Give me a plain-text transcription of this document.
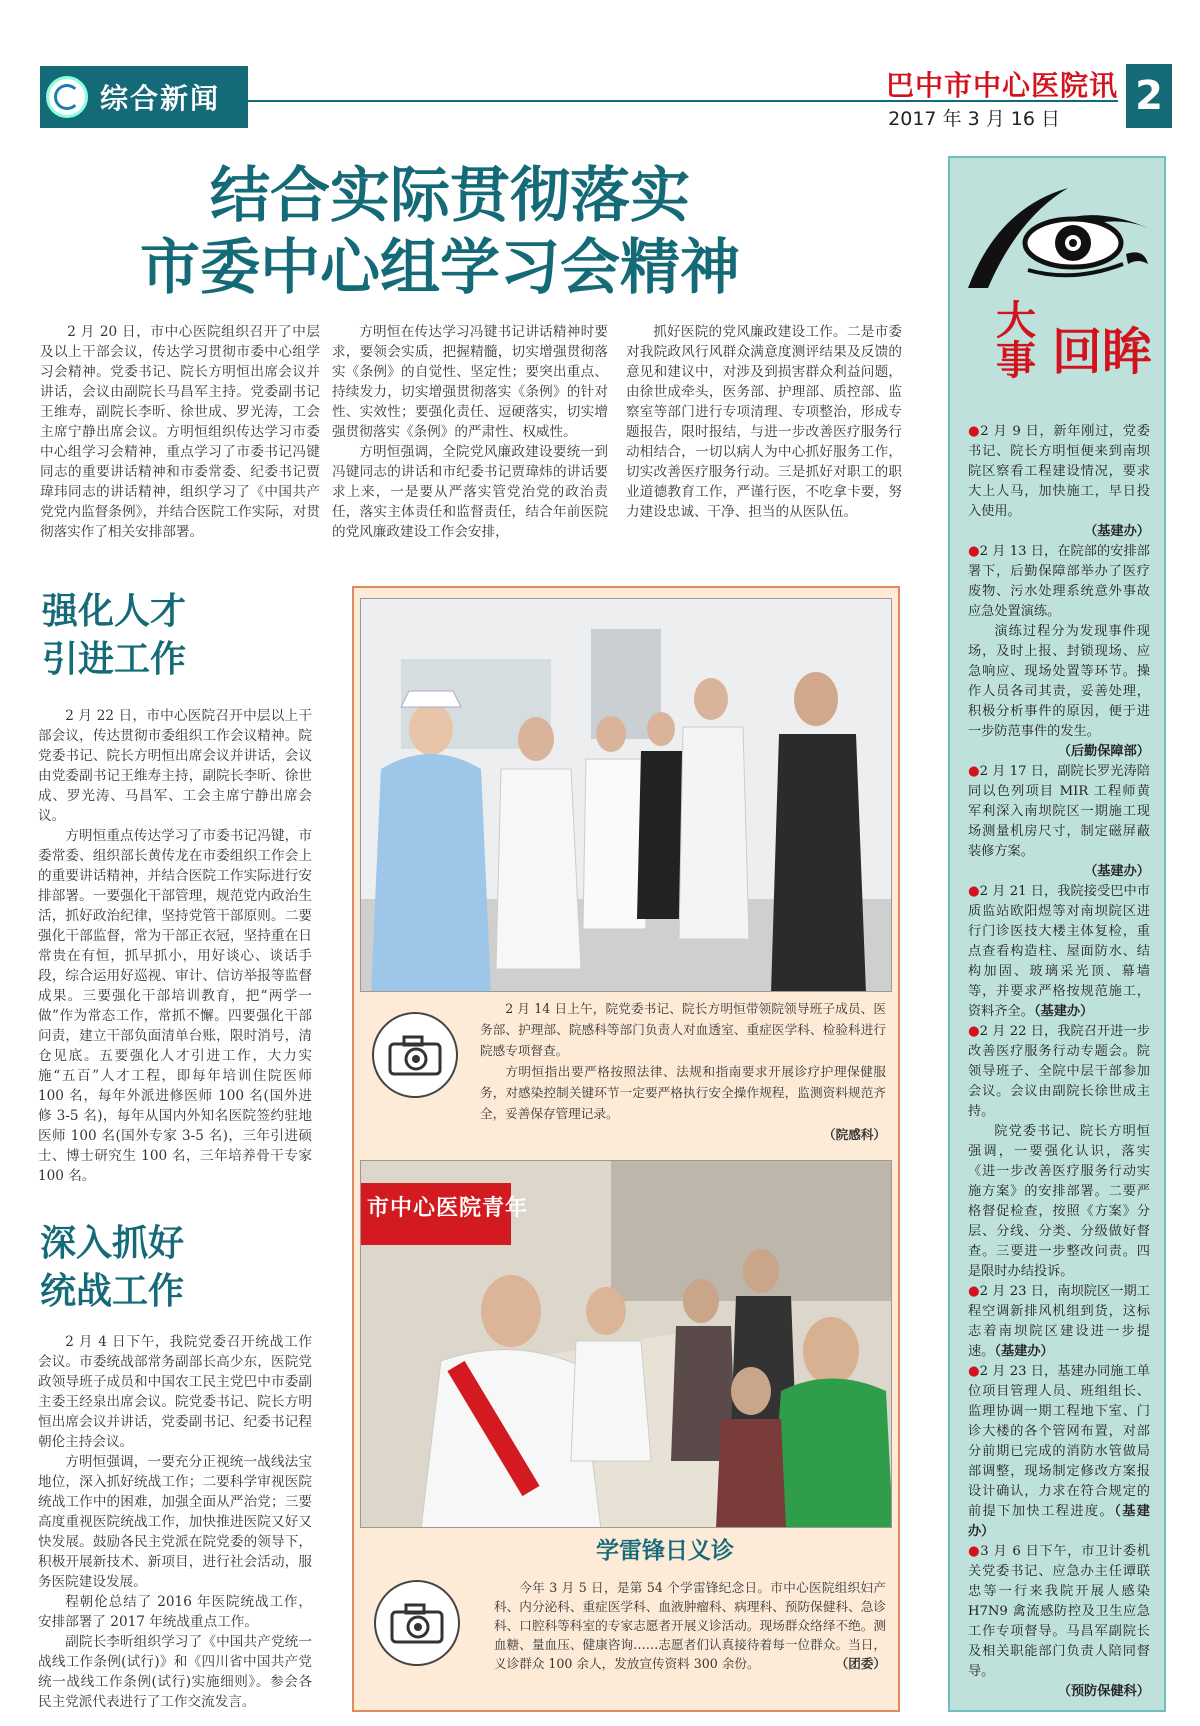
综合新闻	巴中市中心医院讯
2017 年 3 月 16 日 2
结合实际贯彻落实
市委中心组学习会精神

2 月 20 日，市中心医院组织召开了中层及以上干部会议，传达学习贯彻市委中心组学习会精神。党委书记、院长方明恒出席会议并讲话，会议由副院长马昌军主持。党委副书记王维寿，副院长李昕、徐世成、罗光涛，工会主席宁静出席会议。方明恒组织传达学习市委中心组学习会精神，重点学习了市委书记冯键同志的重要讲话精神和市委常委、纪委书记贾瑋玮同志的讲话精神，组织学习了《中国共产党党内监督条例》，并结合医院工作实际，对贯彻落实作了相关安排部署。

方明恒在传达学习冯键书记讲话精神时要求，要领会实质，把握精髓，切实增强贯彻落实《条例》的自觉性、坚定性；要突出重点、持续发力，切实增强贯彻落实《条例》的针对性、实效性；要强化责任、逗硬落实，切实增强贯彻落实《条例》的严肃性、权威性。

方明恒强调，全院党风廉政建设要统一到冯键同志的讲话和市纪委书记贾瑋炜的讲话要求上来，一是要从严落实管党治党的政治责任，落实主体责任和监督责任，结合年前医院的党风廉政建设工作会安排，

抓好医院的党风廉政建设工作。二是市委对我院政风行风群众满意度测评结果及反馈的意见和建议中，对涉及到损害群众利益问题，由徐世成牵头，医务部、护理部、质控部、监察室等部门进行专项清理、专项整治，形成专题报告，限时报结，与进一步改善医疗服务行动相结合，一切以病人为中心抓好服务工作，切实改善医疗服务行动。三是抓好对职工的职业道德教育工作，严谨行医，不吃拿卡要，努力建设忠诚、干净、担当的从医队伍。

强化人才
引进工作

2 月 22 日，市中心医院召开中层以上干部会议，传达贯彻市委组织工作会议精神。院党委书记、院长方明恒出席会议并讲话，会议由党委副书记王维寿主持，副院长李昕、徐世成、罗光涛、马昌军、工会主席宁静出席会议。

方明恒重点传达学习了市委书记冯键，市委常委、组织部长黄传龙在市委组织工作会上的重要讲话精神，并结合医院工作实际进行安排部署。一要强化干部管理，规范党内政治生活，抓好政治纪律，坚持党管干部原则。二要强化干部监督，常为干部正衣冠，坚持重在日常贵在有恒，抓早抓小，用好谈心、谈话手段，综合运用好巡视、审计、信访举报等监督成果。三要强化干部培训教育，把“两学一做”作为常态工作，常抓不懈。四要强化干部问责，建立干部负面清单台账，限时消号，清仓见底。五要强化人才引进工作，大力实施“五百”人才工程，即每年培训住院医师 100 名，每年外派进修医师 100 名(国外进修 3-5 名)，每年从国内外知名医院签约驻地医师 100 名(国外专家 3-5 名)，三年引进硕士、博士研究生 100 名，三年培养骨干专家 100 名。

深入抓好
统战工作

2 月 4 日下午，我院党委召开统战工作会议。市委统战部常务副部长高少东，医院党政领导班子成员和中国农工民主党巴中市委副主委王经泉出席会议。院党委书记、院长方明恒出席会议并讲话，党委副书记、纪委书记程朝伦主持会议。

方明恒强调，一要充分正视统一战线法宝地位，深入抓好统战工作；二要科学审视医院统战工作中的困难，加强全面从严治党；三要高度重视医院统战工作，加快推进医院又好又快发展。鼓励各民主党派在院党委的领导下，积极开展新技术、新项目，进行社会活动，服务医院建设发展。

程朝伦总结了 2016 年医院统战工作，安排部署了 2017 年统战重点工作。

副院长李昕组织学习了《中国共产党统一战线工作条例(试行)》和《四川省中国共产党统一战线工作条例(试行)实施细则》。参会各民主党派代表进行了工作交流发言。

2 月 14 日上午，院党委书记、院长方明恒带领院领导班子成员、医务部、护理部、院感科等部门负责人对血透室、重症医学科、检验科进行院感专项督查。

方明恒指出要严格按照法律、法规和指南要求开展诊疗护理保健服务，对感染控制关键环节一定要严格执行安全操作规程，监测资料规范齐全，妥善保存管理记录。

（院感科）
市中心医院青年
学雷锋日义诊

今年 3 月 5 日，是第 54 个学雷锋纪念日。市中心医院组织妇产科、内分泌科、重症医学科、血液肿瘤科、病理科、预防保健科、急诊科、口腔科等科室的专家志愿者开展义诊活动。现场群众络绎不绝。测血糖、量血压、健康咨询……志愿者们认真接待着每一位群众。当日，义诊群众 100 余人，发放宣传资料 300 余份。	（团委）
大
事 回眸
●2 月 9 日，新年刚过，党委书记、院长方明恒便来到南坝院区察看工程建设情况，要求大上人马，加快施工，早日投入使用。
（基建办）
●2 月 13 日，在院部的安排部署下，后勤保障部举办了医疗废物、污水处理系统意外事故应急处置演练。
演练过程分为发现事件现场，及时上报、封锁现场、应急响应、现场处置等环节。操作人员各司其责，妥善处理，积极分析事件的原因，便于进一步防范事件的发生。
（后勤保障部）
●2 月 17 日，副院长罗光涛陪同以色列项目 MIR 工程师黄军利深入南坝院区一期施工现场测量机房尺寸，制定磁屏蔽装修方案。
（基建办）
●2 月 21 日，我院接受巴中市质监站欧阳煜等对南坝院区进行门诊医技大楼主体复检，重点查看构造柱、屋面防水、结构加固、玻璃采光顶、幕墙等，并要求严格按规范施工，资料齐全。（基建办）
●2 月 22 日，我院召开进一步改善医疗服务行动专题会。院领导班子、全院中层干部参加会议。会议由副院长徐世成主持。
院党委书记、院长方明恒强调，一要强化认识，落实《进一步改善医疗服务行动实施方案》的安排部署。二要严格督促检查，按照《方案》分层、分线、分类、分级做好督查。三要进一步整改问责。四是限时办结投诉。
●2 月 23 日，南坝院区一期工程空调新排风机组到货，这标志着南坝院区建设进一步提速。（基建办）
●2 月 23 日，基建办同施工单位项目管理人员、班组组长、监理协调一期工程地下室、门诊大楼的各个管网布置，对部分前期已完成的消防水管做局部调整，现场制定修改方案报设计确认，力求在符合规定的前提下加快工程进度。（基建办）
●3 月 6 日下午，市卫计委机关党委书记、应急办主任谭联忠等一行来我院开展人感染 H7N9 禽流感防控及卫生应急工作专项督导。马昌军副院长及相关职能部门负责人陪同督导。
（预防保健科）
